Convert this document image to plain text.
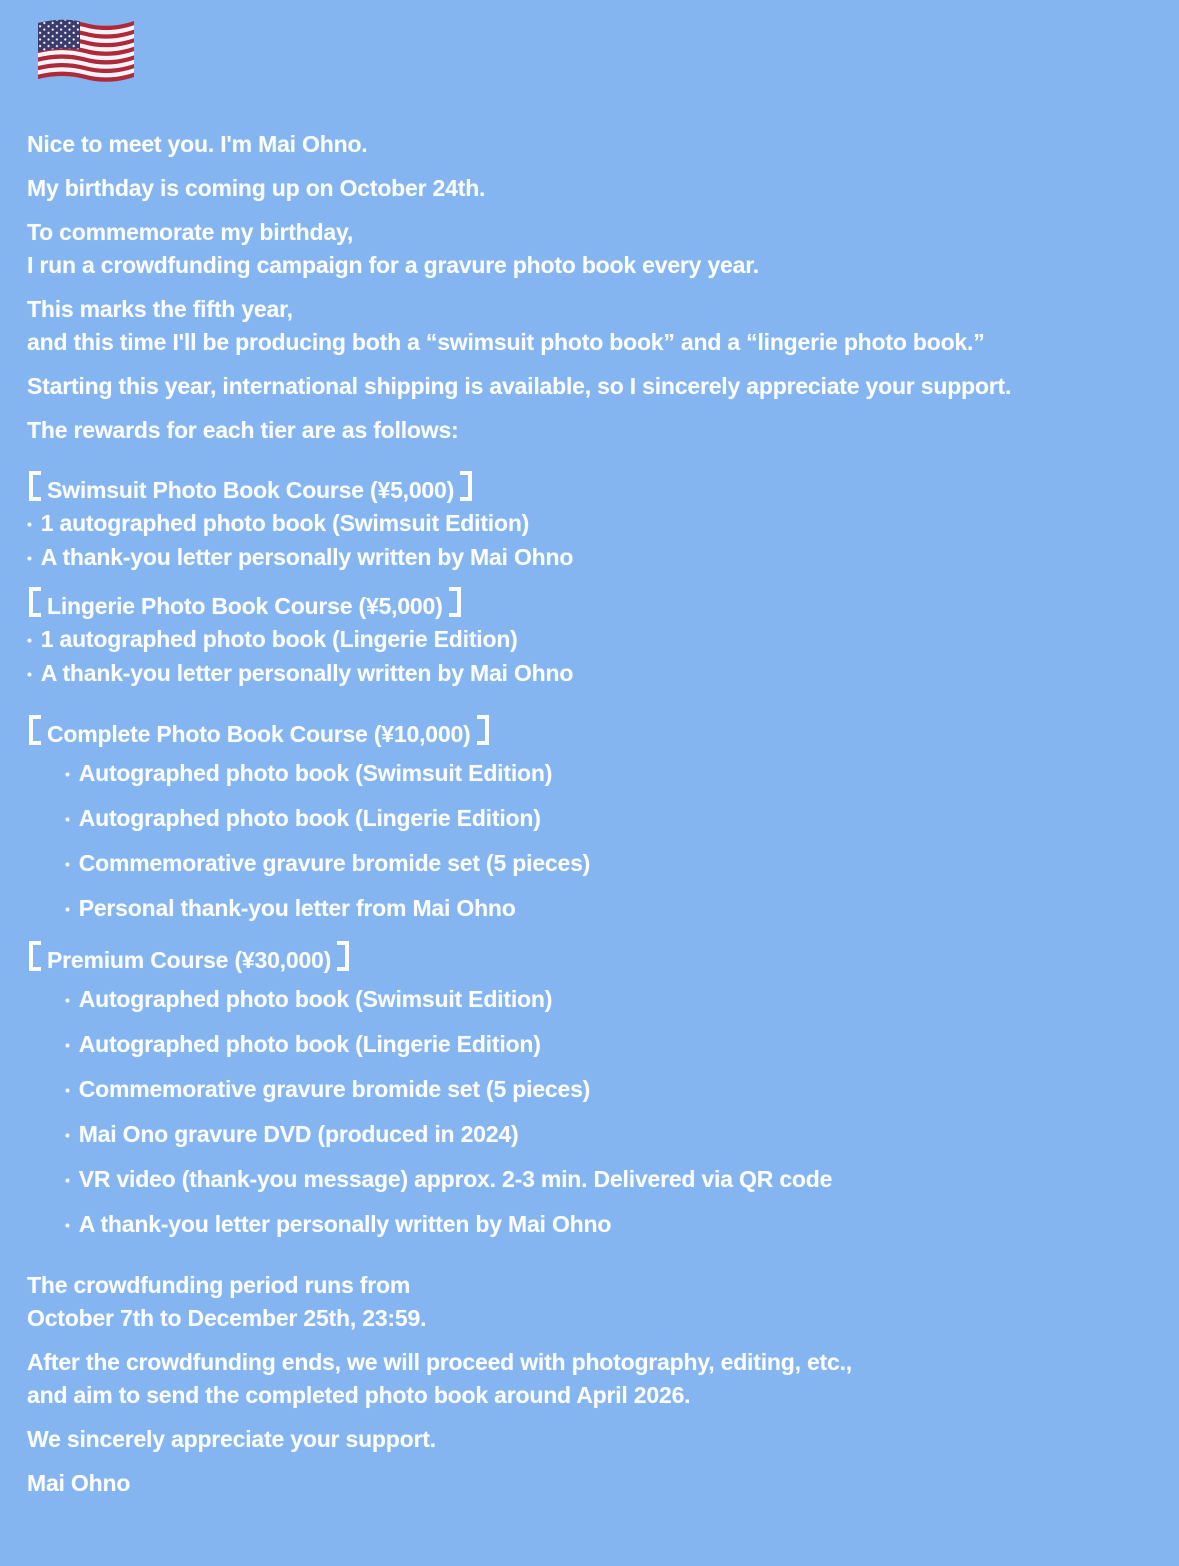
Nice to meet you. I'm Mai Ohno.
My birthday is coming up on October 24th.
To commemorate my birthday,
I run a crowdfunding campaign for a gravure photo book every year.
This marks the fifth year,
and this time I'll be producing both a “swimsuit photo book” and a “lingerie photo book.”
Starting this year, international shipping is available, so I sincerely appreciate your support.
The rewards for each tier are as follows:
Swimsuit Photo Book Course (¥5,000)
• 1 autographed photo book (Swimsuit Edition)
• A thank-you letter personally written by Mai Ohno
Lingerie Photo Book Course (¥5,000)
• 1 autographed photo book (Lingerie Edition)
• A thank-you letter personally written by Mai Ohno
Complete Photo Book Course (¥10,000)
• Autographed photo book (Swimsuit Edition)
• Autographed photo book (Lingerie Edition)
• Commemorative gravure bromide set (5 pieces)
• Personal thank-you letter from Mai Ohno
Premium Course (¥30,000)
• Autographed photo book (Swimsuit Edition)
• Autographed photo book (Lingerie Edition)
• Commemorative gravure bromide set (5 pieces)
• Mai Ono gravure DVD (produced in 2024)
• VR video (thank-you message) approx. 2-3 min. Delivered via QR code
• A thank-you letter personally written by Mai Ohno
The crowdfunding period runs from
October 7th to December 25th, 23:59.
After the crowdfunding ends, we will proceed with photography, editing, etc.,
and aim to send the completed photo book around April 2026.
We sincerely appreciate your support.
Mai Ohno
